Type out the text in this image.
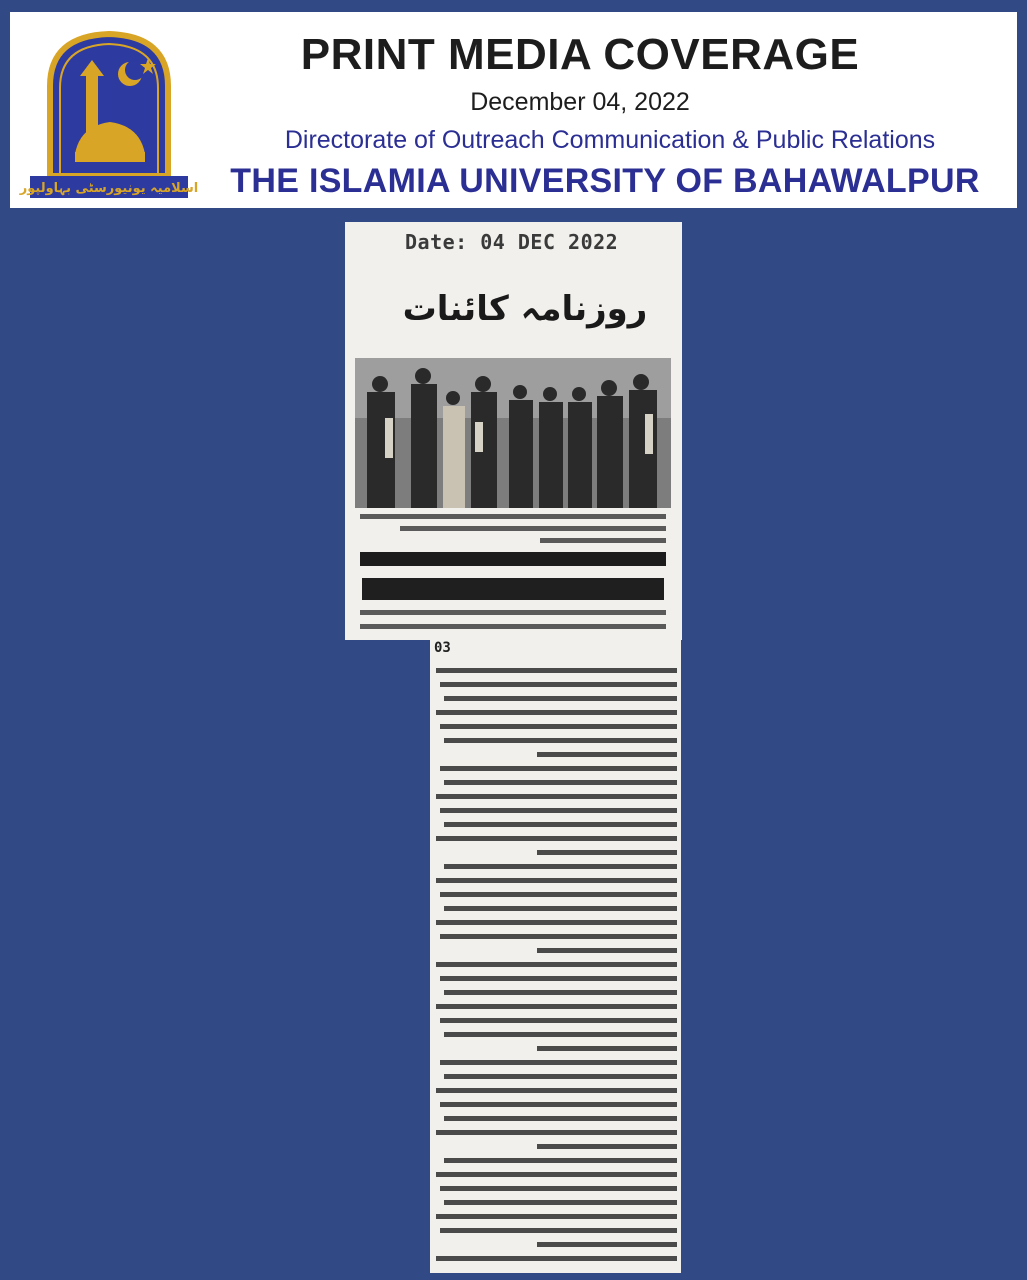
اسلامیہ یونیورسٹی بہاولپور
PRINT MEDIA COVERAGE
December 04, 2022
Directorate of Outreach Communication & Public Relations
THE ISLAMIA UNIVERSITY OF BAHAWALPUR
Date: 04 DEC 2022
روزنامہ کائنات
03
